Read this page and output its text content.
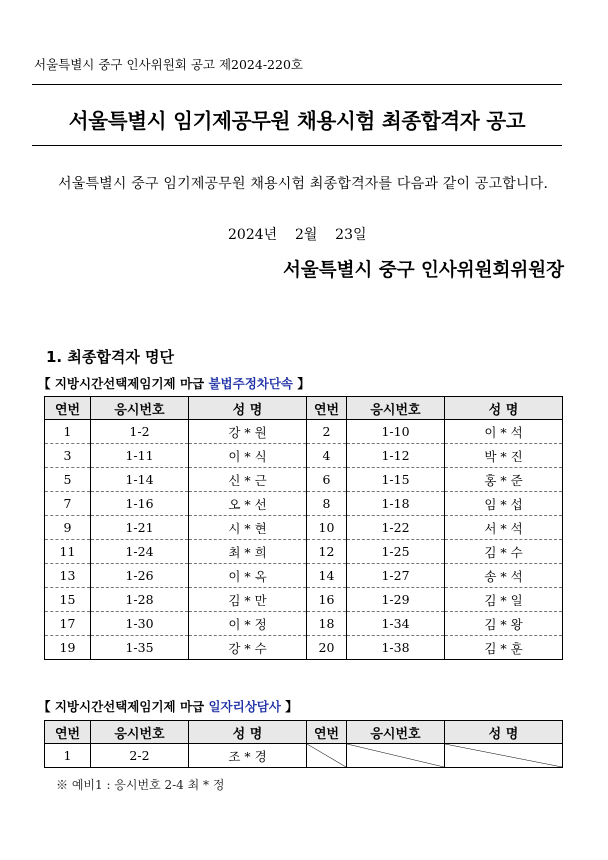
서울특별시 중구 인사위원회 공고 제2024-220호
서울특별시 임기제공무원 채용시험 최종합격자 공고
서울특별시 중구 임기제공무원 채용시험 최종합격자를 다음과 같이 공고합니다.
2024년    2월    23일
서울특별시 중구 인사위원회위원장
1. 최종합격자 명단
【 지방시간선택제임기제 마급 불법주정차단속 】
연번	응시번호	성 명	연번	응시번호	성 명
1	1-2	강 * 원	2	1-10	이 * 석
3	1-11	이 * 식	4	1-12	박 * 진
5	1-14	신 * 근	6	1-15	홍 * 준
7	1-16	오 * 선	8	1-18	임 * 섭
9	1-21	시 * 현	10	1-22	서 * 석
11	1-24	최 * 희	12	1-25	김 * 수
13	1-26	이 * 옥	14	1-27	송 * 석
15	1-28	김 * 만	16	1-29	김 * 일
17	1-30	이 * 정	18	1-34	김 * 왕
19	1-35	강 * 수	20	1-38	김 * 훈
【 지방시간선택제임기제 마급 일자리상담사 】
연번	응시번호	성 명	연번	응시번호	성 명
1	2-2	조 * 경	

※ 예비1 : 응시번호 2-4 최 * 정
